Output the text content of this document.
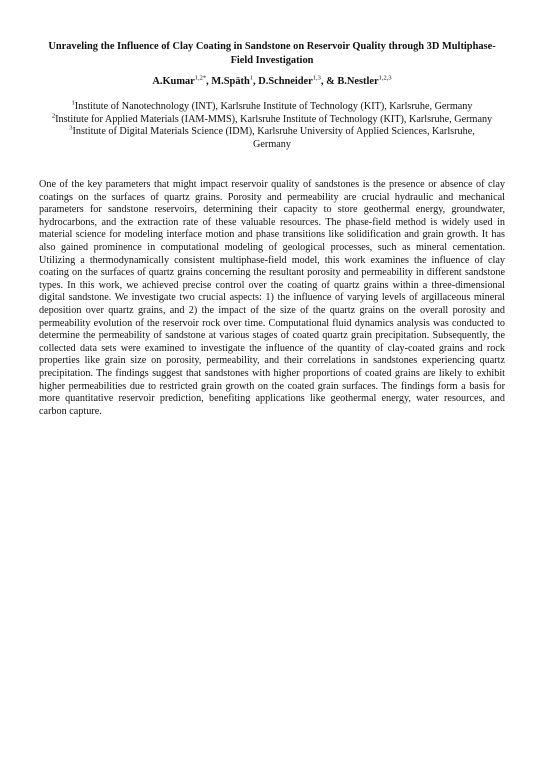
Unraveling the Influence of Clay Coating in Sandstone on Reservoir Quality through 3D Multiphase-Field Investigation
A.Kumar$^{1,2*}$, M.Späth$^1$, D.Schneider$^{1,3}$, & B.Nestler$^{1,2,3}$
$^1$Institute of Nanotechnology (INT), Karlsruhe Institute of Technology (KIT), Karlsruhe, Germany
$^2$Institute for Applied Materials (IAM-MMS), Karlsruhe Institute of Technology (KIT), Karlsruhe, Germany
$^3$Institute of Digital Materials Science (IDM), Karlsruhe University of Applied Sciences, Karlsruhe, Germany

One of the key parameters that might impact reservoir quality of sandstones is the presence or absence of clay coatings on the surfaces of quartz grains. Porosity and permeability are crucial hydraulic and mechanical parameters for sandstone reservoirs, determining their capacity to store geothermal energy, groundwater, hydrocarbons, and the extraction rate of these valuable resources. The phase-field method is widely used in material science for modeling interface motion and phase transitions like solidification and grain growth. It has also gained prominence in computational modeling of geological processes, such as mineral cementation. Utilizing a thermodynamically consistent multiphase-field model, this work examines the influence of clay coating on the surfaces of quartz grains concerning the resultant porosity and permeability in different sandstone types. In this work, we achieved precise control over the coating of quartz grains within a three-dimensional digital sandstone. We investigate two crucial aspects: 1) the influence of varying levels of argillaceous mineral deposition over quartz grains, and 2) the impact of the size of the quartz grains on the overall porosity and permeability evolution of the reservoir rock over time. Computational fluid dynamics analysis was conducted to determine the permeability of sandstone at various stages of coated quartz grain precipitation. Subsequently, the collected data sets were examined to investigate the influence of the quantity of clay-coated grains and rock properties like grain size on porosity, permeability, and their correlations in sandstones experiencing quartz precipitation. The findings suggest that sandstones with higher proportions of coated grains are likely to exhibit higher permeabilities due to restricted grain growth on the coated grain surfaces. The findings form a basis for more quantitative reservoir prediction, benefiting applications like geothermal energy, water resources, and carbon capture.
